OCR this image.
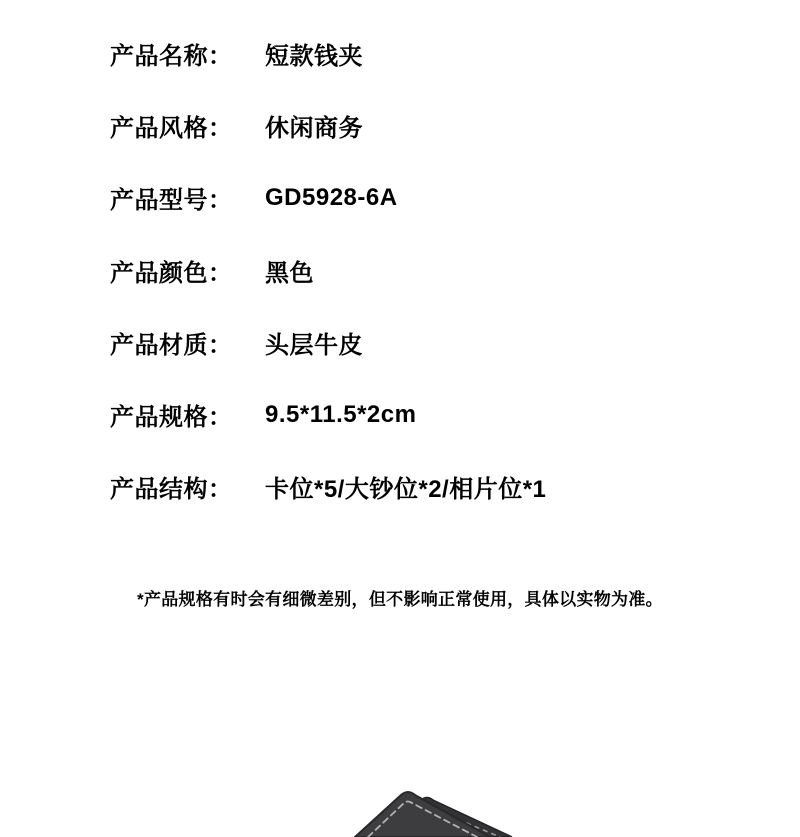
产品名称：	短款钱夹
产品风格：	休闲商务
产品型号：	GD5928-6A
产品颜色：	黑色
产品材质：	头层牛皮
产品规格：	9.5*11.5*2cm
产品结构：	卡位*5/大钞位*2/相片位*1
*产品规格有时会有细微差别，但不影响正常使用，具体以实物为准。
